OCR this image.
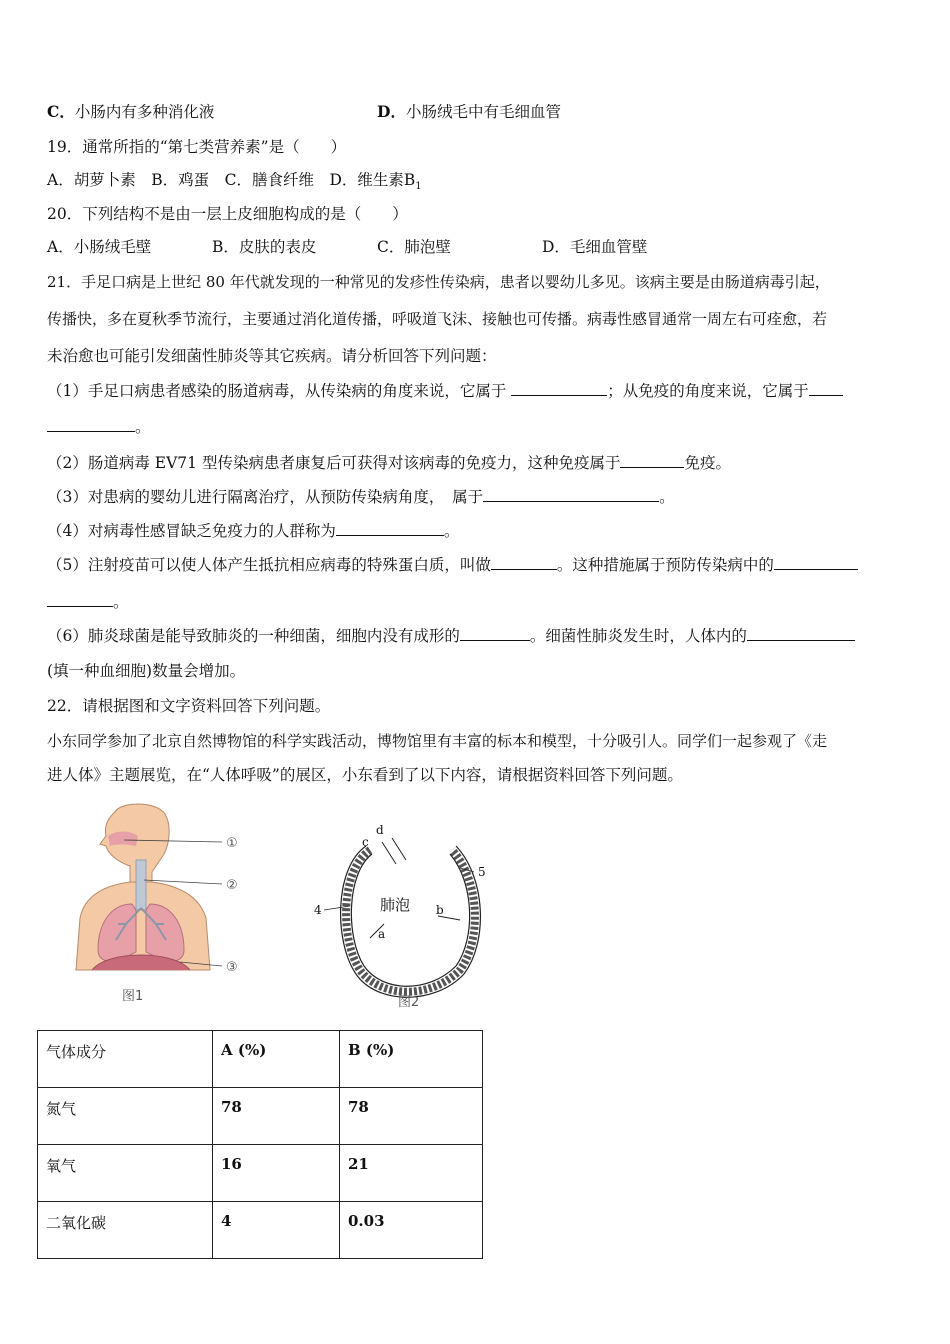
C．小肠内有多种消化液	D．小肠绒毛中有毛细血管
19．通常所指的“第七类营养素”是（　　）
A．胡萝卜素　B．鸡蛋　C．膳食纤维　D．维生素$B_1$
20．下列结构不是由一层上皮细胞构成的是（　　）
A．小肠绒毛壁	B．皮肤的表皮	C．肺泡壁	D．毛细血管壁
21．手足口病是上世纪 80 年代就发现的一种常见的发疹性传染病，患者以婴幼儿多见。该病主要是由肠道病毒引起，
传播快，多在夏秋季节流行，主要通过消化道传播，呼吸道飞沫、接触也可传播。病毒性感冒通常一周左右可痊愈，若
未治愈也可能引发细菌性肺炎等其它疾病。请分析回答下列问题：
（1）手足口病患者感染的肠道病毒，从传染病的角度来说，它属于	；从免疫的角度来说，它属于
。
（2）肠道病毒 EV71 型传染病患者康复后可获得对该病毒的免疫力，这种免疫属于	免疫。
（3）对患病的婴幼儿进行隔离治疗，从预防传染病角度，　属于	。
（4）对病毒性感冒缺乏免疫力的人群称为	。
（5）注射疫苗可以使人体产生抵抗相应病毒的特殊蛋白质，叫做	。这种措施属于预防传染病中的
。
（6）肺炎球菌是能导致肺炎的一种细菌，细胞内没有成形的	。细菌性肺炎发生时，人体内的
(填一种血细胞)数量会增加。
22．请根据图和文字资料回答下列问题。
小东同学参加了北京自然博物馆的科学实践活动，博物馆里有丰富的标本和模型，十分吸引人。同学们一起参观了《走
进人体》主题展览，在“人体呼吸”的展区，小东看到了以下内容，请根据资料回答下列问题。
①
②
③
图1
肺泡
a
b
c
d
4
5
图2
气体成分	A (%)	B (%)
氮气	78	78
氧气	16	21
二氧化碳	4	0.03
